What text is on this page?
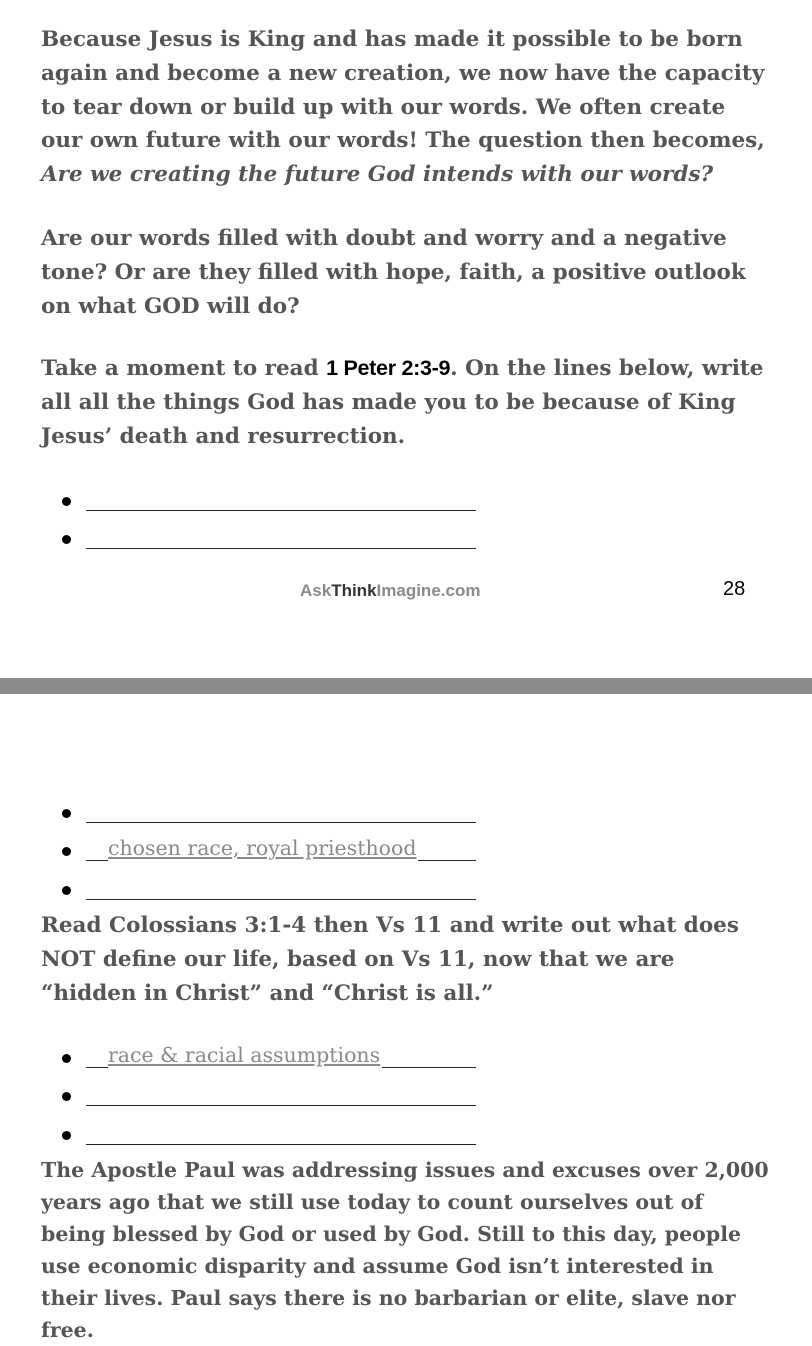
Because Jesus is King and has made it possible to be born again and become a new creation, we now have the capacity to tear down or build up with our words. We often create our own future with our words! The question then becomes, Are we creating the future God intends with our words?

Are our words filled with doubt and worry and a negative tone? Or are they filled with hope, faith, a positive outlook on what GOD will do?

Take a moment to read 1 Peter 2:3-9. On the lines below, write all all the things God has made you to be because of King Jesus’ death and resurrection.

AskThinkImagine.com	28
chosen race, royal priesthood

Read Colossians 3:1-4 then Vs 11 and write out what does NOT define our life, based on Vs 11, now that we are “hidden in Christ” and “Christ is all.”

race & racial assumptions

The Apostle Paul was addressing issues and excuses over 2,000 years ago that we still use today to count ourselves out of being blessed by God or used by God. Still to this day, people use economic disparity and assume God isn’t interested in their lives. Paul says there is no barbarian or elite, slave nor free.
